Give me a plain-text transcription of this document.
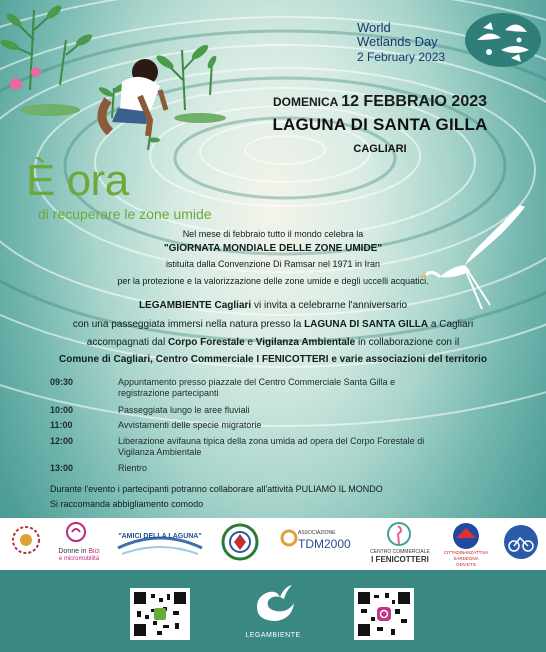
World
Wetlands Day
2 February 2023
DOMENICA 12 FEBBRAIO 2023
LAGUNA DI SANTA GILLA
CAGLIARI
È ora
di recuperare le zone umide
Nel mese di febbraio tutto il mondo celebra la
"GIORNATA MONDIALE DELLE ZONE UMIDE"
istituita dalla Convenzione Di Ramsar nel 1971 in Iran
per la protezione e la valorizzazione delle zone umide e degli uccelli acquatici.
LEGAMBIENTE Cagliari vi invita a celebrarne l'anniversario
con una passeggiata immersi nella natura presso la LAGUNA DI SANTA GILLA a Cagliari
accompagnati dal Corpo Forestale e Vigilanza Ambientale in collaborazione con il
Comune di Cagliari, Centro Commerciale I FENICOTTERI e varie associazioni del territorio
09:30	Appuntamento presso piazzale del Centro Commerciale Santa Gilla e
registrazione partecipanti
10:00	Passeggiata lungo le aree fluviali
11:00	Avvistamenti delle specie migratorie
12:00	Liberazione avifauna tipica della zona umida ad opera del Corpo Forestale di
Vigilanza Ambientale
13:00	Rientro
Durante l'evento i partecipanti potranno collaborare all'attività PULIAMO IL MONDO
Si raccomanda abbigliamento comodo
Donne in Bici
e micromobilità
"AMICI DELLA LAGUNA"	ASSOCIAZIONE
TDM2000
CENTRO COMMERCIALE
I FENICOTTERI
CITTADINANZATTIVA
SARDEGNA
ODV-ETS
LEGAMBIENTE
